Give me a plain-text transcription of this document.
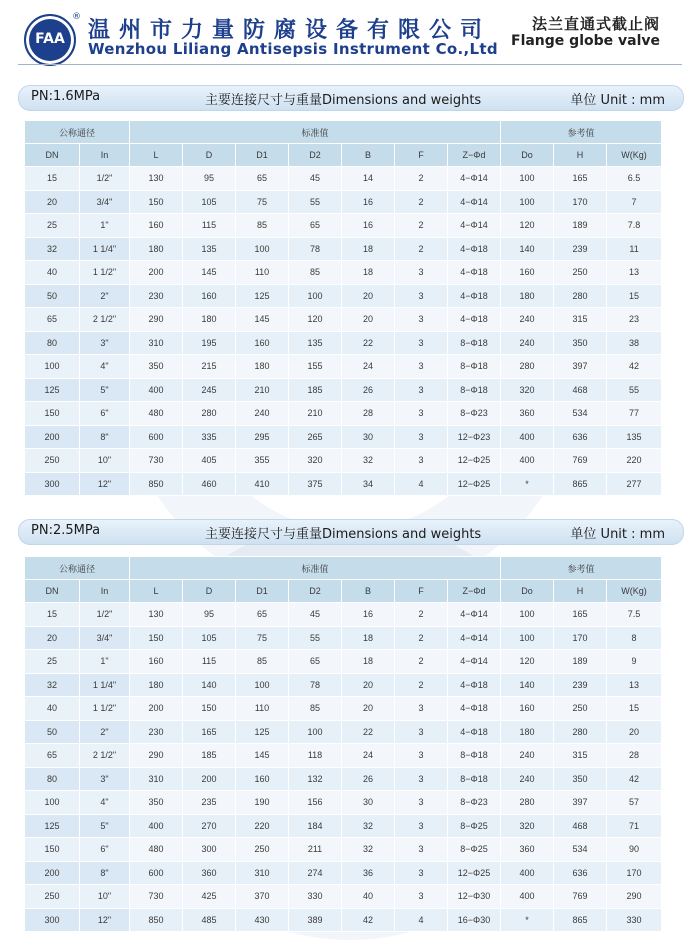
FAA
®
温州市力量防腐设备有限公司
Wenzhou Liliang Antisepsis Instrument Co.,Ltd
法兰直通式截止阀
Flange globe valve
PN:1.6MPa	主要连接尺寸与重量Dimensions and weights	单位 Unit : mm
公称通径		标准值							参考值		
DN	In	L	D	D1	D2	B	F	Z−Φd	Do	H	W(Kg)
15	1/2"	130	95	65	45	14	2	4−Φ14	100	165	6.5
20	3/4"	150	105	75	55	16	2	4−Φ14	100	170	7
25	1"	160	115	85	65	16	2	4−Φ14	120	189	7.8
32	1 1/4"	180	135	100	78	18	2	4−Φ18	140	239	11
40	1 1/2"	200	145	110	85	18	3	4−Φ18	160	250	13
50	2"	230	160	125	100	20	3	4−Φ18	180	280	15
65	2 1/2"	290	180	145	120	20	3	4−Φ18	240	315	23
80	3"	310	195	160	135	22	3	8−Φ18	240	350	38
100	4"	350	215	180	155	24	3	8−Φ18	280	397	42
125	5"	400	245	210	185	26	3	8−Φ18	320	468	55
150	6"	480	280	240	210	28	3	8−Φ23	360	534	77
200	8"	600	335	295	265	30	3	12−Φ23	400	636	135
250	10"	730	405	355	320	32	3	12−Φ25	400	769	220
300	12"	850	460	410	375	34	4	12−Φ25	*	865	277
PN:2.5MPa	主要连接尺寸与重量Dimensions and weights	单位 Unit : mm
公称通径		标准值							参考值		
DN	In	L	D	D1	D2	B	F	Z−Φd	Do	H	W(Kg)
15	1/2"	130	95	65	45	16	2	4−Φ14	100	165	7.5
20	3/4"	150	105	75	55	18	2	4−Φ14	100	170	8
25	1"	160	115	85	65	18	2	4−Φ14	120	189	9
32	1 1/4"	180	140	100	78	20	2	4−Φ18	140	239	13
40	1 1/2"	200	150	110	85	20	3	4−Φ18	160	250	15
50	2"	230	165	125	100	22	3	4−Φ18	180	280	20
65	2 1/2"	290	185	145	118	24	3	8−Φ18	240	315	28
80	3"	310	200	160	132	26	3	8−Φ18	240	350	42
100	4"	350	235	190	156	30	3	8−Φ23	280	397	57
125	5"	400	270	220	184	32	3	8−Φ25	320	468	71
150	6"	480	300	250	211	32	3	8−Φ25	360	534	90
200	8"	600	360	310	274	36	3	12−Φ25	400	636	170
250	10"	730	425	370	330	40	3	12−Φ30	400	769	290
300	12"	850	485	430	389	42	4	16−Φ30	*	865	330
